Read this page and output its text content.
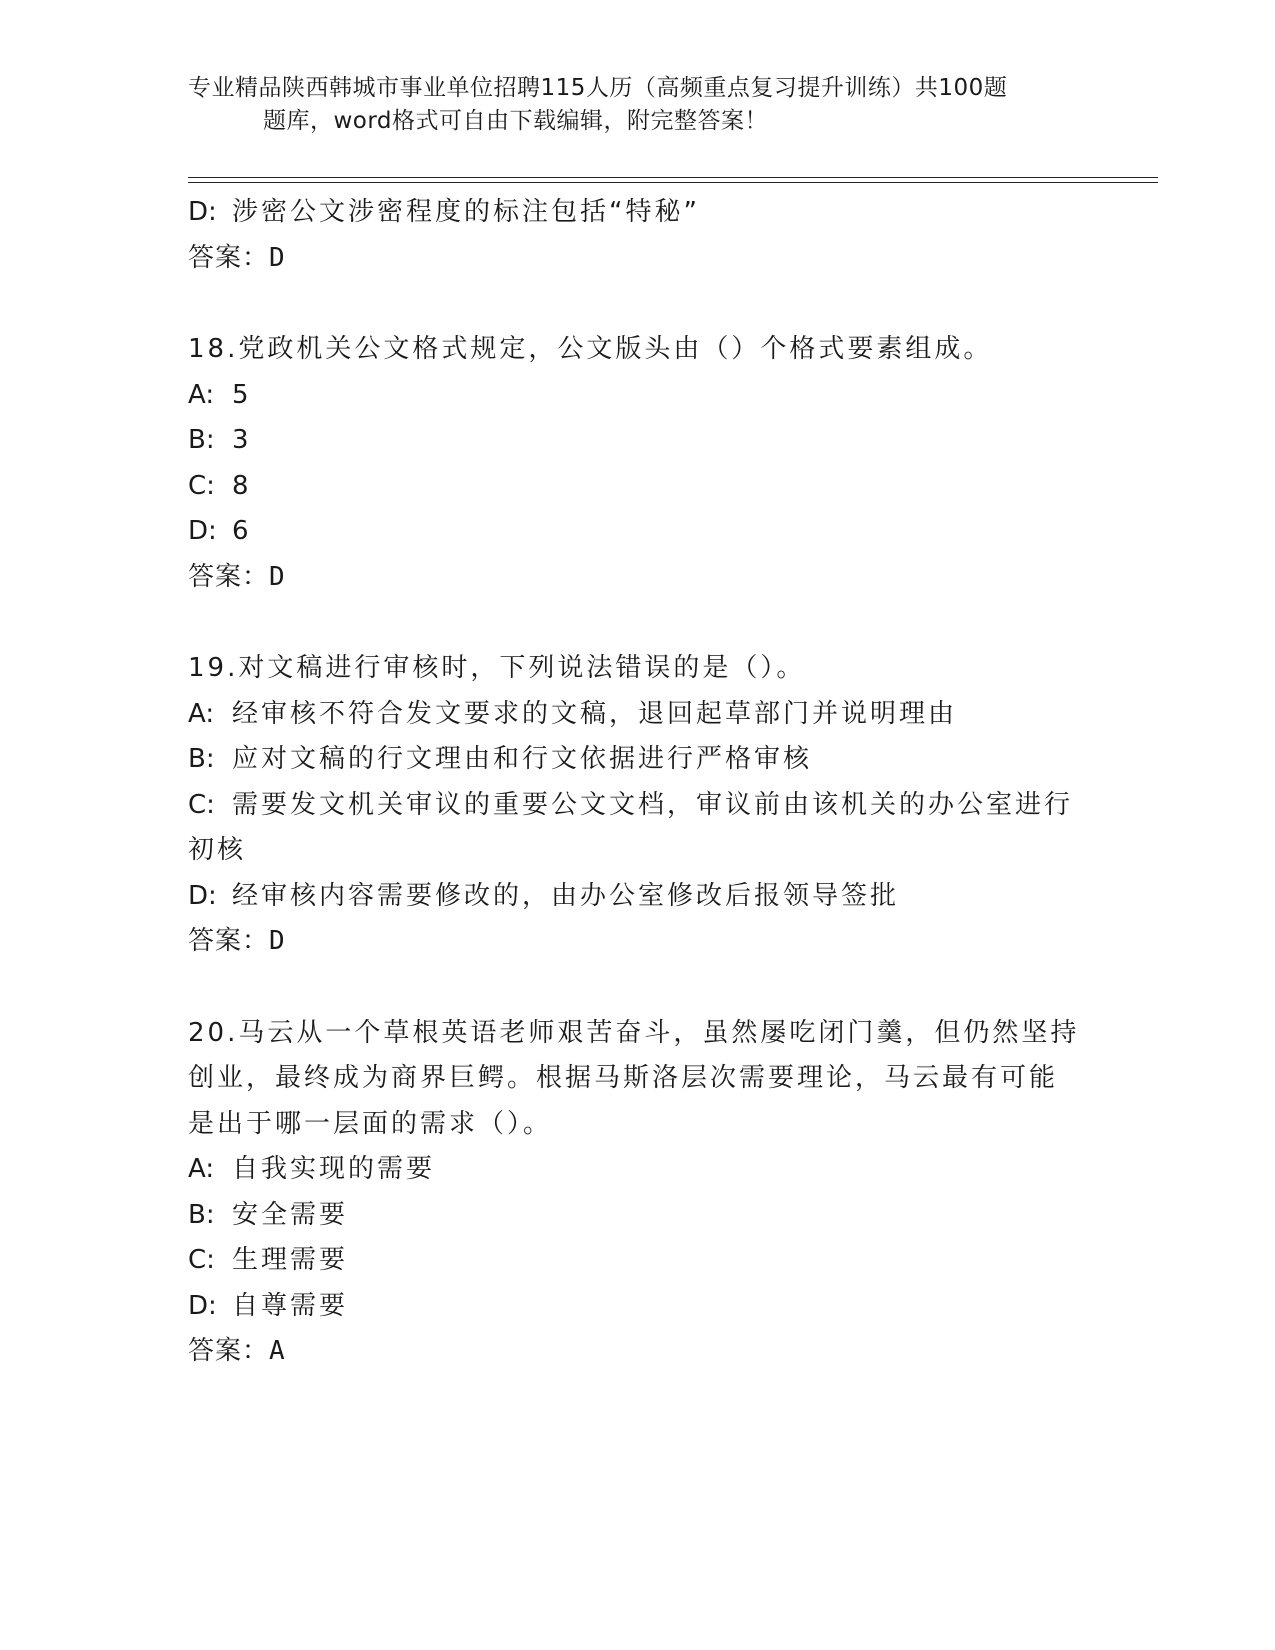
专业精品陕西韩城市事业单位招聘115人历（高频重点复习提升训练）共100题
题库，word格式可自由下载编辑，附完整答案！
D: 涉密公文涉密程度的标注包括“特秘”
答案：D
18.党政机关公文格式规定，公文版头由（）个格式要素组成。
A: 5
B: 3
C: 8
D: 6
答案：D
19.对文稿进行审核时，下列说法错误的是（）。
A: 经审核不符合发文要求的文稿，退回起草部门并说明理由
B: 应对文稿的行文理由和行文依据进行严格审核
C: 需要发文机关审议的重要公文文档，审议前由该机关的办公室进行
初核
D: 经审核内容需要修改的，由办公室修改后报领导签批
答案：D
20.马云从一个草根英语老师艰苦奋斗，虽然屡吃闭门羹，但仍然坚持
创业，最终成为商界巨鳄。根据马斯洛层次需要理论，马云最有可能
是出于哪一层面的需求（）。
A: 自我实现的需要
B: 安全需要
C: 生理需要
D: 自尊需要
答案：A
